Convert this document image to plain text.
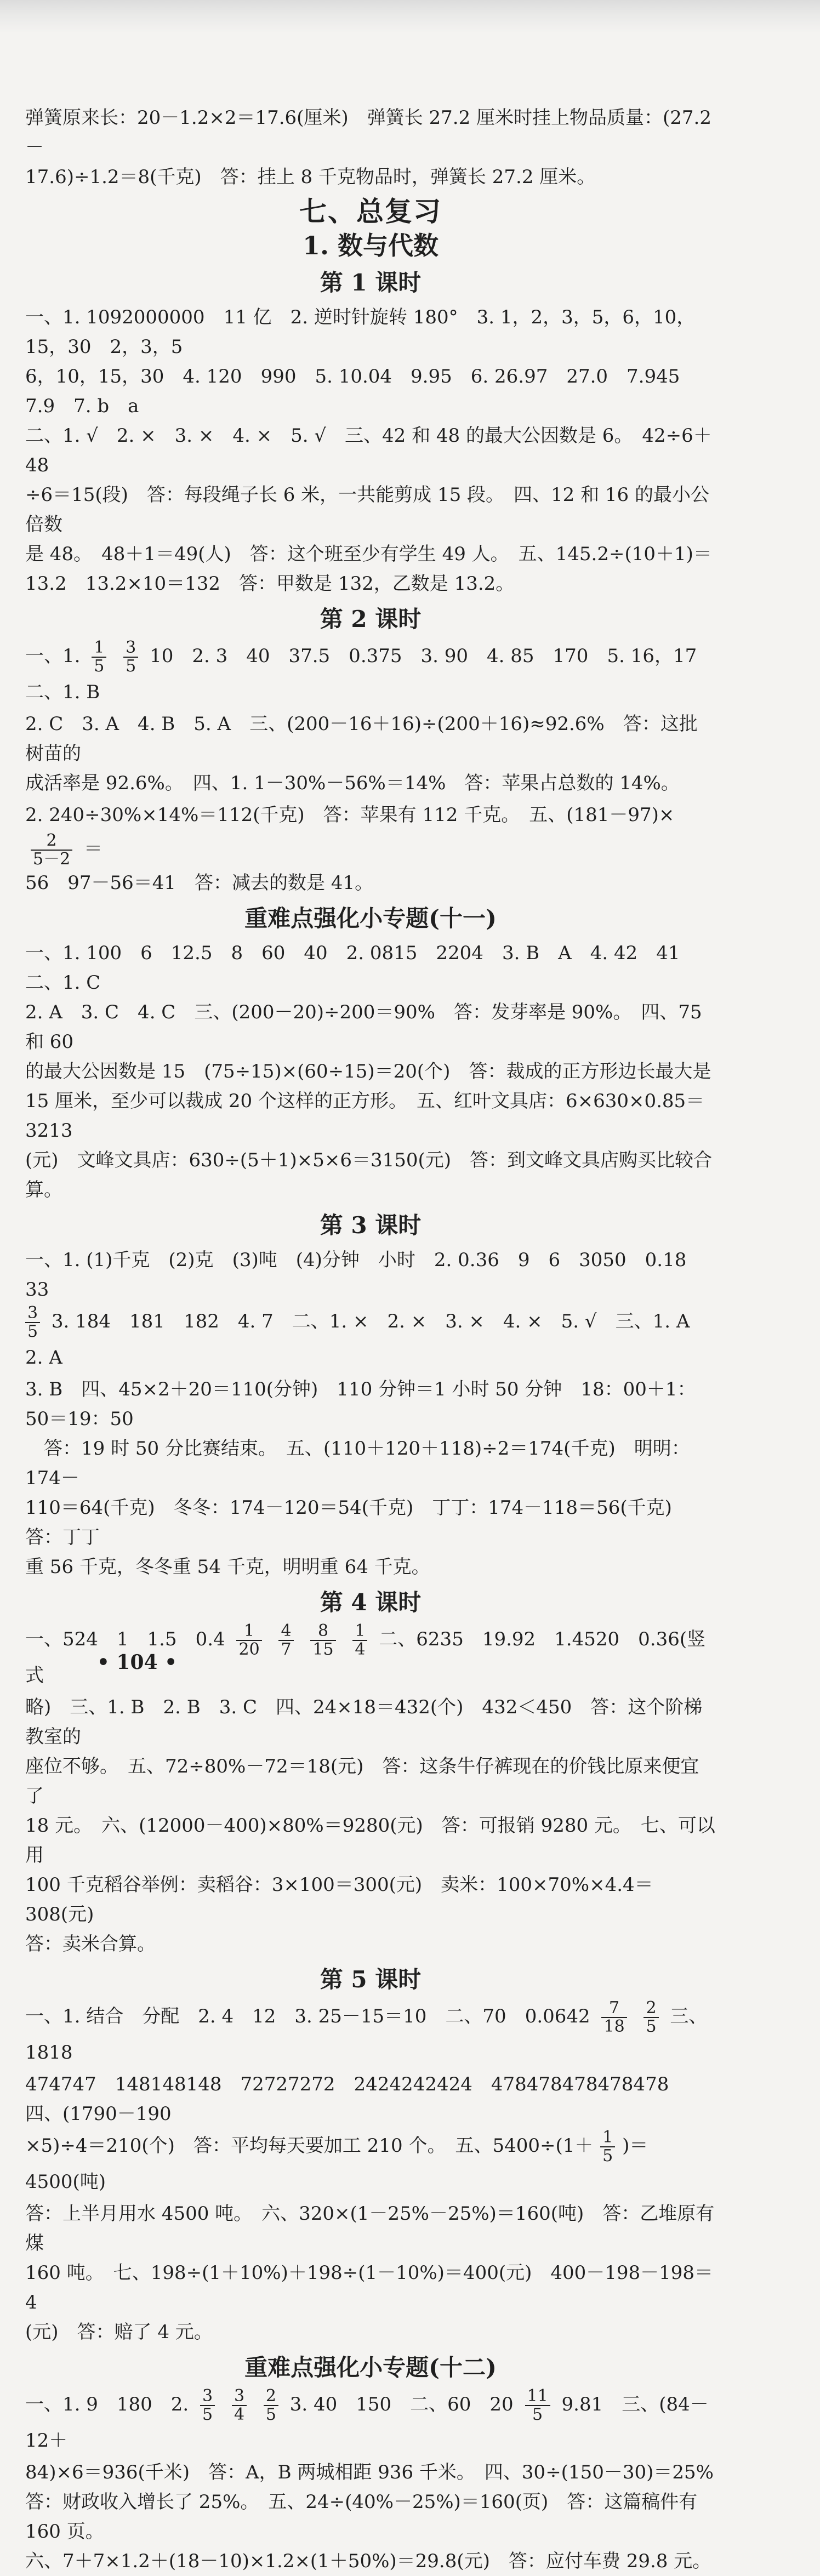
弹簧原来长：20－1.2×2＝17.6(厘米)　弹簧长 27.2 厘米时挂上物品质量：(27.2－

17.6)÷1.2＝8(千克)　答：挂上 8 千克物品时，弹簧长 27.2 厘米。

七、总复习
1. 数与代数
第 1 课时

一、1. 1092000000　11 亿　2. 逆时针旋转 180°　3. 1，2，3，5，6，10，15，30　2，3，5

6，10，15，30　4. 120　990　5. 10.04　9.95　6. 26.97　27.0　7.945　7.9　7. b　a

二、1. √　2. ×　3. ×　4. ×　5. √　三、42 和 48 的最大公因数是 6。　42÷6＋48

÷6＝15(段)　答：每段绳子长 6 米，一共能剪成 15 段。　四、12 和 16 的最小公倍数

是 48。　48＋1＝49(人)　答：这个班至少有学生 49 人。　五、145.2÷(10＋1)＝

13.2　13.2×10＝132　答：甲数是 132，乙数是 13.2。

第 2 课时

一、1. $\frac{1}{5}$
$\frac{3}{5} 10$　2. 3　40　37.5　0.375　3. 90　4. 85　170　5. 16，17　二、1. B

2. C　3. A　4. B　5. A　三、(200－16＋16)÷(200＋16)≈92.6%　答：这批树苗的

成活率是 92.6%。　四、1. 1－30%－56%＝14%　答：苹果占总数的 14%。

2. 240÷30%×14%＝112(千克)　答：苹果有 112 千克。　五、(181－97)×
$\frac{2}{5-2}$ ＝

56　97－56＝41　答：减去的数是 41。

重难点强化小专题(十一)

一、1. 100　6　12.5　8　60　40　2. 0815　2204　3. B　A　4. 42　41　二、1. C

2. A　3. C　4. C　三、(200－20)÷200＝90%　答：发芽率是 90%。　四、75 和 60

的最大公因数是 15　(75÷15)×(60÷15)＝20(个)　答：裁成的正方形边长最大是

15 厘米，至少可以裁成 20 个这样的正方形。　五、红叶文具店：6×630×0.85＝3213

(元)　文峰文具店：630÷(5＋1)×5×6＝3150(元)　答：到文峰文具店购买比较合

算。

第 3 课时

一、1. (1)千克　(2)克　(3)吨　(4)分钟　小时　2. 0.36　9　6　3050　0.18　33

$\frac{3}{5} 3$. 184　181　182　4. 7　二、1. ×　2. ×　3. ×　4. ×　5. √　三、1. A　2. A

3. B　四、45×2＋20＝110(分钟)　110 分钟＝1 小时 50 分钟　18：00＋1：50＝19：50

　答：19 时 50 分比赛结束。　五、(110＋120＋118)÷2＝174(千克)　明明：174－

110＝64(千克)　冬冬：174－120＝54(千克)　丁丁：174－118＝56(千克)　答：丁丁

重 56 千克，冬冬重 54 千克，明明重 64 千克。

第 4 课时

一、524　1　1.5　$0.4 \frac{1}{20}$
$\frac{4}{7}$
$\frac{8}{15}$
$\frac{1}{4}$ 二、6235　19.92　1.4520　0.36(竖式

略)　三、1. B　2. B　3. C　四、24×18＝432(个)　432＜450　答：这个阶梯教室的

座位不够。　五、72÷80%－72＝18(元)　答：这条牛仔裤现在的价钱比原来便宜了

18 元。　六、(12000－400)×80%＝9280(元)　答：可报销 9280 元。　七、可以用

100 千克稻谷举例：卖稻谷：3×100＝300(元)　卖米：100×70%×4.4＝308(元)

答：卖米合算。

第 5 课时

一、1. 结合　分配　2. 4　12　3. 25－15＝10　二、70　$0.0642 \frac{7}{18}$
$\frac{2}{5}$ 三、1818

474747　148148148　72727272　2424242424　478478478478478　四、(1790－190

×5)÷4＝210(个)　答：平均每天要加工 210 个。　五、$5400\div(1+ \frac{1}{5} )=4500$(吨)

答：上半月用水 4500 吨。　六、320×(1－25%－25%)＝160(吨)　答：乙堆原有煤

160 吨。　七、198÷(1＋10%)＋198÷(1－10%)＝400(元)　400－198－198＝4

(元)　答：赔了 4 元。

重难点强化小专题(十二)

一、1. 9　180　2. $\frac{3}{5}$
$\frac{3}{4}$
$\frac{2}{5} 3$. 40　150　二、60　$20 \frac{11}{5} 9.81$　三、(84－12＋

84)×6＝936(千米)　答：A，B 两城相距 936 千米。　四、30÷(150－30)＝25%

答：财政收入增长了 25%。　五、24÷(40%－25%)＝160(页)　答：这篇稿件有 160 页。

六、7＋7×1.2＋(18－10)×1.2×(1＋50%)＝29.8(元)　答：应付车费 29.8 元。

• 104 •
